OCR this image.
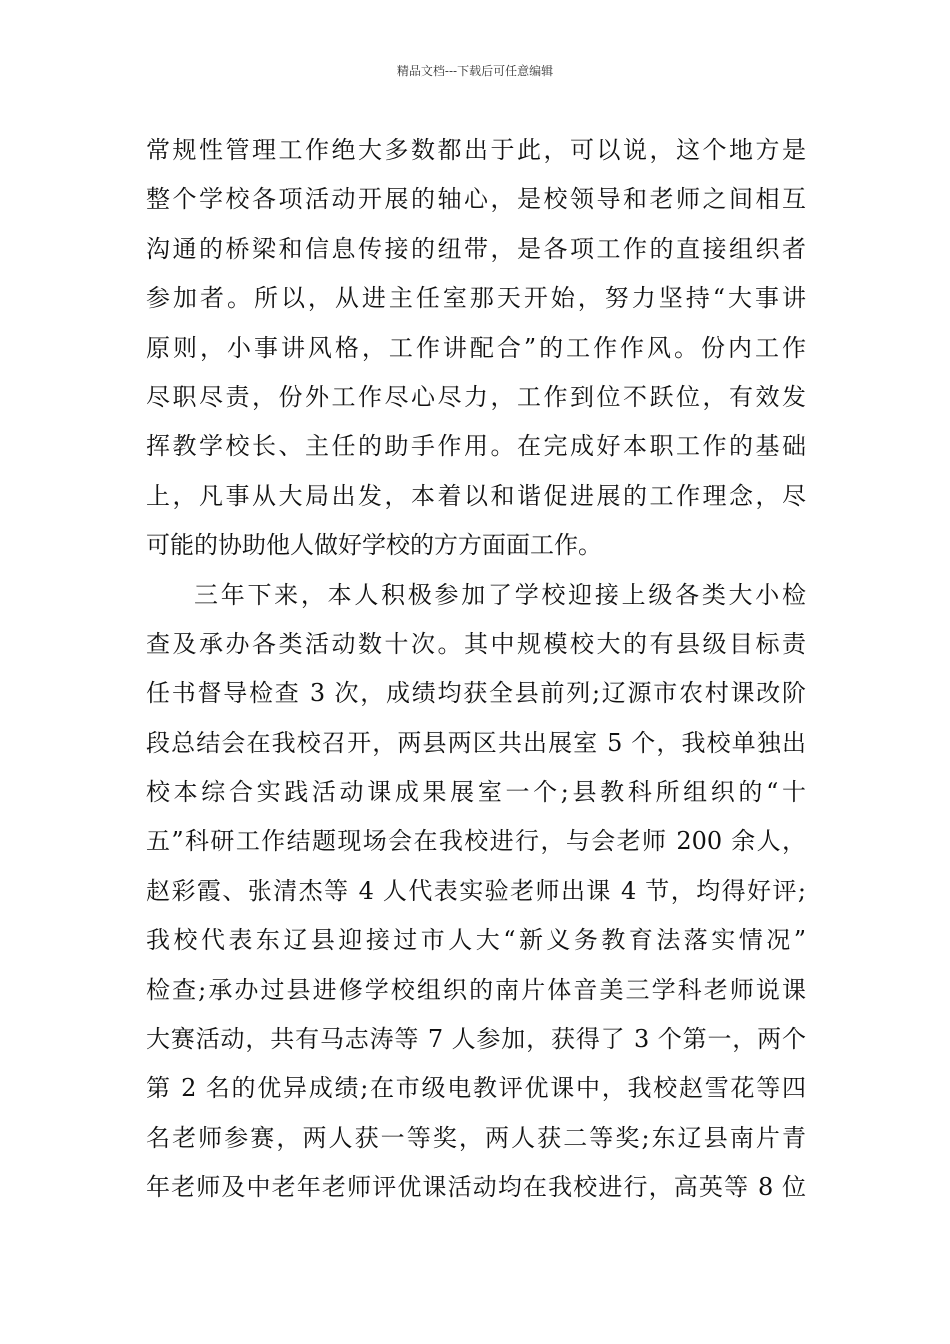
精品文档---下载后可任意编辑
常规性管理工作绝大多数都出于此，可以说，这个地方是
整个学校各项活动开展的轴心，是校领导和老师之间相互
沟通的桥梁和信息传接的纽带，是各项工作的直接组织者
参加者。所以，从进主任室那天开始，努力坚持“大事讲
原则，小事讲风格，工作讲配合”的工作作风。份内工作
尽职尽责，份外工作尽心尽力，工作到位不跃位，有效发
挥教学校长、主任的助手作用。在完成好本职工作的基础
上，凡事从大局出发，本着以和谐促进展的工作理念，尽
可能的协助他人做好学校的方方面面工作。
三年下来，本人积极参加了学校迎接上级各类大小检
查及承办各类活动数十次。其中规模校大的有县级目标责
任书督导检查 3 次，成绩均获全县前列;辽源市农村课改阶
段总结会在我校召开，两县两区共出展室 5 个，我校单独出
校本综合实践活动课成果展室一个;县教科所组织的“十
五”科研工作结题现场会在我校进行，与会老师 200 余人，
赵彩霞、张清杰等 4 人代表实验老师出课 4 节，均得好评;
我校代表东辽县迎接过市人大“新义务教育法落实情况”
检查;承办过县进修学校组织的南片体音美三学科老师说课
大赛活动，共有马志涛等 7 人参加，获得了 3 个第一，两个
第 2 名的优异成绩;在市级电教评优课中，我校赵雪花等四
名老师参赛，两人获一等奖，两人获二等奖;东辽县南片青
年老师及中老年老师评优课活动均在我校进行，高英等 8 位
